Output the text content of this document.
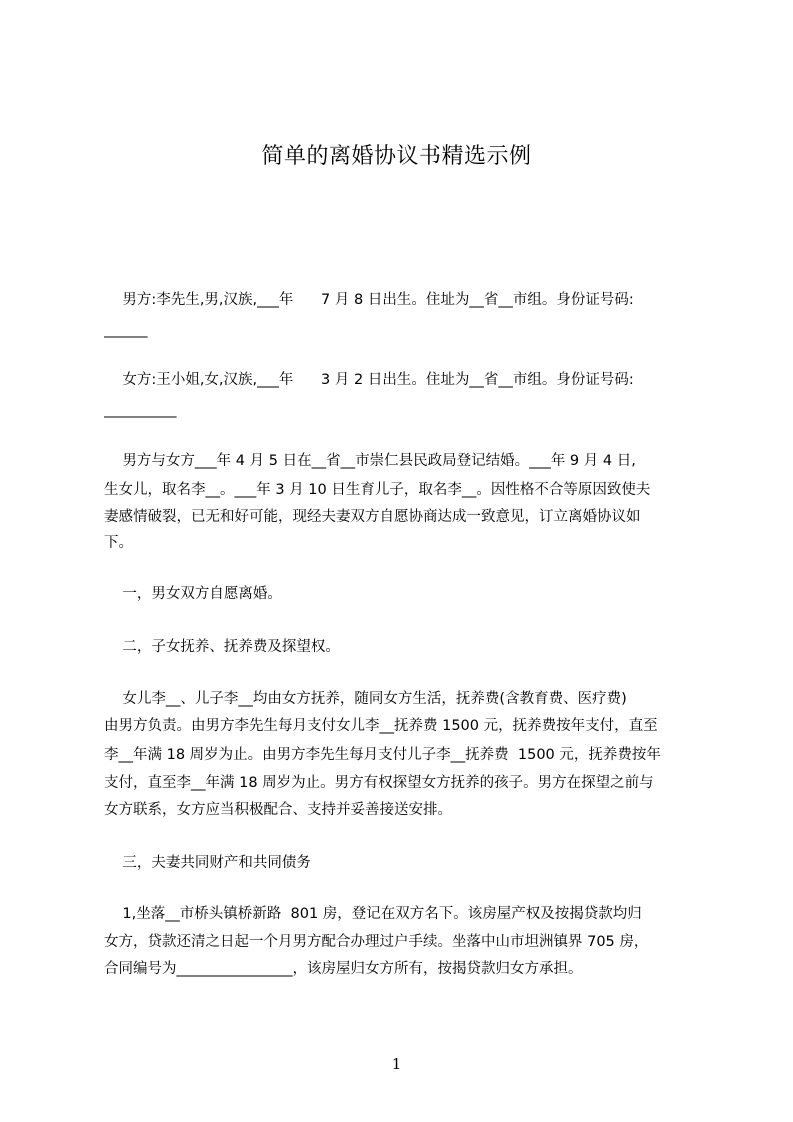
简单的离婚协议书精选示例
男方:李先生,男,汉族,___年      7 月 8 日出生。住址为__省__市组。身份证号码:
______
女方:王小姐,女,汉族,___年      3 月 2 日出生。住址为__省__市组。身份证号码:
__________
男方与女方___年 4 月 5 日在__省__市崇仁县民政局登记结婚。___年 9 月 4 日,
生女儿，取名李__。___年 3 月 10 日生育儿子，取名李__。因性格不合等原因致使夫
妻感情破裂，已无和好可能，现经夫妻双方自愿协商达成一致意见，订立离婚协议如
下。
一，男女双方自愿离婚。
二，子女抚养、抚养费及探望权。
女儿李__、儿子李__均由女方抚养，随同女方生活，抚养费(含教育费、医疗费)
由男方负责。由男方李先生每月支付女儿李__抚养费 1500 元，抚养费按年支付，直至
李__年满 18 周岁为止。由男方李先生每月支付儿子李__抚养费  1500 元，抚养费按年
支付，直至李__年满 18 周岁为止。男方有权探望女方抚养的孩子。男方在探望之前与
女方联系，女方应当积极配合、支持并妥善接送安排。
三，夫妻共同财产和共同债务
1,坐落__市桥头镇桥新路  801 房，登记在双方名下。该房屋产权及按揭贷款均归
女方，贷款还清之日起一个月男方配合办理过户手续。坐落中山市坦洲镇界 705 房，
合同编号为________________，该房屋归女方所有，按揭贷款归女方承担。
1
